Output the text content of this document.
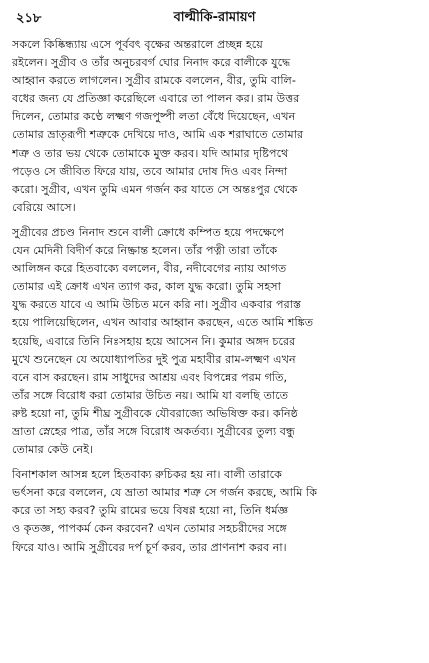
২১৮	বাল্মীকি-রামায়ণ
সকলে কিষ্কিন্ধ্যায় এসে পূর্ববৎ বৃক্ষের অন্তরালে প্রচ্ছন্ন হয়ে
রইলেন। সুগ্রীব ও তাঁর অনুচরবর্গ ঘোর নিনাদ করে বালীকে যুদ্ধে
আহ্বান করতে লাগলেন। সুগ্রীব রামকে বললেন, বীর, তুমি বালি-
বধের জন্য যে প্রতিজ্ঞা করেছিলে এবারে তা পালন কর। রাম উত্তর
দিলেন, তোমার কণ্ঠে লক্ষ্মণ গজপুষ্পী লতা বেঁধে দিয়েছেন, এখন
তোমার ভ্রাতৃরূপী শত্রুকে দেখিয়ে দাও, আমি এক শরাঘাতে তোমার
শত্রু ও তার ভয় থেকে তোমাকে মুক্ত করব। যদি আমার দৃষ্টিপথে
পড়েও সে জীবিত ফিরে যায়, তবে আমার দোষ দিও এবং নিন্দা
করো। সুগ্রীব, এখন তুমি এমন গর্জন কর যাতে সে অন্তঃপুর থেকে
বেরিয়ে আসে।
সুগ্রীবের প্রচণ্ড নিনাদ শুনে বালী ক্রোধে কম্পিত হয়ে পদক্ষেপে
যেন মেদিনী বিদীর্ণ করে নিষ্ক্রান্ত হলেন। তাঁর পত্নী তারা তাঁকে
আলিঙ্গন করে হিতবাক্যে বললেন, বীর, নদীবেগের ন্যায় আগত
তোমার এই ক্রোধ এখন ত্যাগ কর, কাল যুদ্ধ করো। তুমি সহসা
যুদ্ধ করতে যাবে এ আমি উচিত মনে করি না। সুগ্রীব একবার পরাস্ত
হয়ে পালিয়েছিলেন, এখন আবার আহ্বান করছেন, এতে আমি শঙ্কিত
হয়েছি, এবারে তিনি নিঃসহায় হয়ে আসেন নি। কুমার অঙ্গদ চরের
মুখে শুনেছেন যে অযোধ্যাপতির দুই পুত্র মহাবীর রাম-লক্ষ্মণ এখন
বনে বাস করছেন। রাম সাধুদের আশ্রয় এবং বিপন্নের পরম গতি,
তাঁর সঙ্গে বিরোধ করা তোমার উচিত নয়। আমি যা বলছি তাতে
রুষ্ট হয়ো না, তুমি শীঘ্র সুগ্রীবকে যৌবরাজ্যে অভিষিক্ত কর। কনিষ্ঠ
ভ্রাতা স্নেহের পাত্র, তাঁর সঙ্গে বিরোধ অকর্তব্য। সুগ্রীবের তুল্য বন্ধু
তোমার কেউ নেই।
বিনাশকাল আসন্ন হলে হিতবাক্য রুচিকর হয় না। বালী তারাকে
ভর্ৎসনা করে বললেন, যে ভ্রাতা আমার শত্রু সে গর্জন করছে, আমি কি
করে তা সহ্য করব? তুমি রামের ভয়ে বিষণ্ণ হয়ো না, তিনি ধর্মজ্ঞ
ও কৃতজ্ঞ, পাপকর্ম কেন করবেন? এখন তোমার সহচরীদের সঙ্গে
ফিরে যাও। আমি সুগ্রীবের দর্প চূর্ণ করব, তার প্রাণনাশ করব না।
